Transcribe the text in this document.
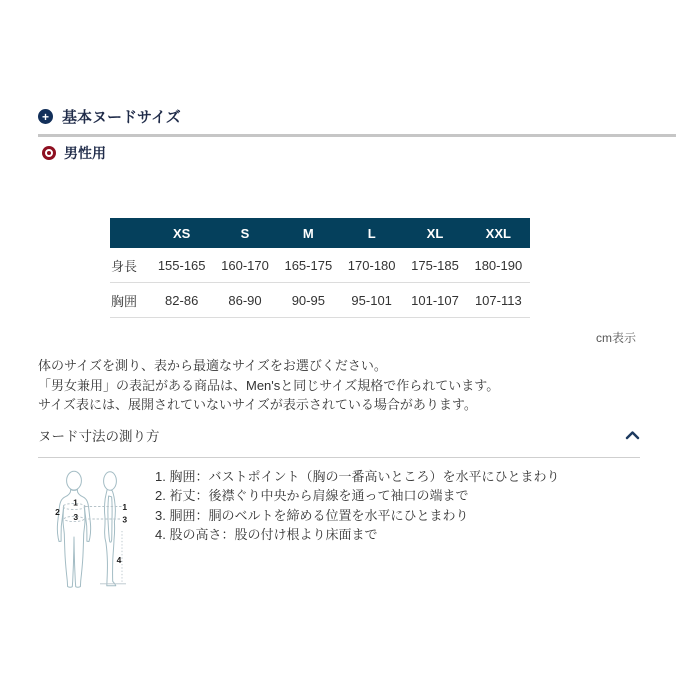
+ 基本ヌードサイズ
男性用
	XS	S	M	L	XL	XXL
身長	155-165	160-170	165-175	170-180	175-185	180-190
胸囲	82-86	86-90	90-95	95-101	101-107	107-113
cm表示
体のサイズを測り、表から最適なサイズをお選びください。
「男女兼用」の表記がある商品は、Men'sと同じサイズ規格で作られています。
サイズ表には、展開されていないサイズが表示されている場合があります。
ヌード寸法の測り方
1
2 3
1
3
4
1. 胸囲：バストポイント（胸の一番高いところ）を水平にひとまわり
2. 裄丈：後襟ぐり中央から肩線を通って袖口の端まで
3. 胴囲：胴のベルトを締める位置を水平にひとまわり
4. 股の高さ：股の付け根より床面まで
